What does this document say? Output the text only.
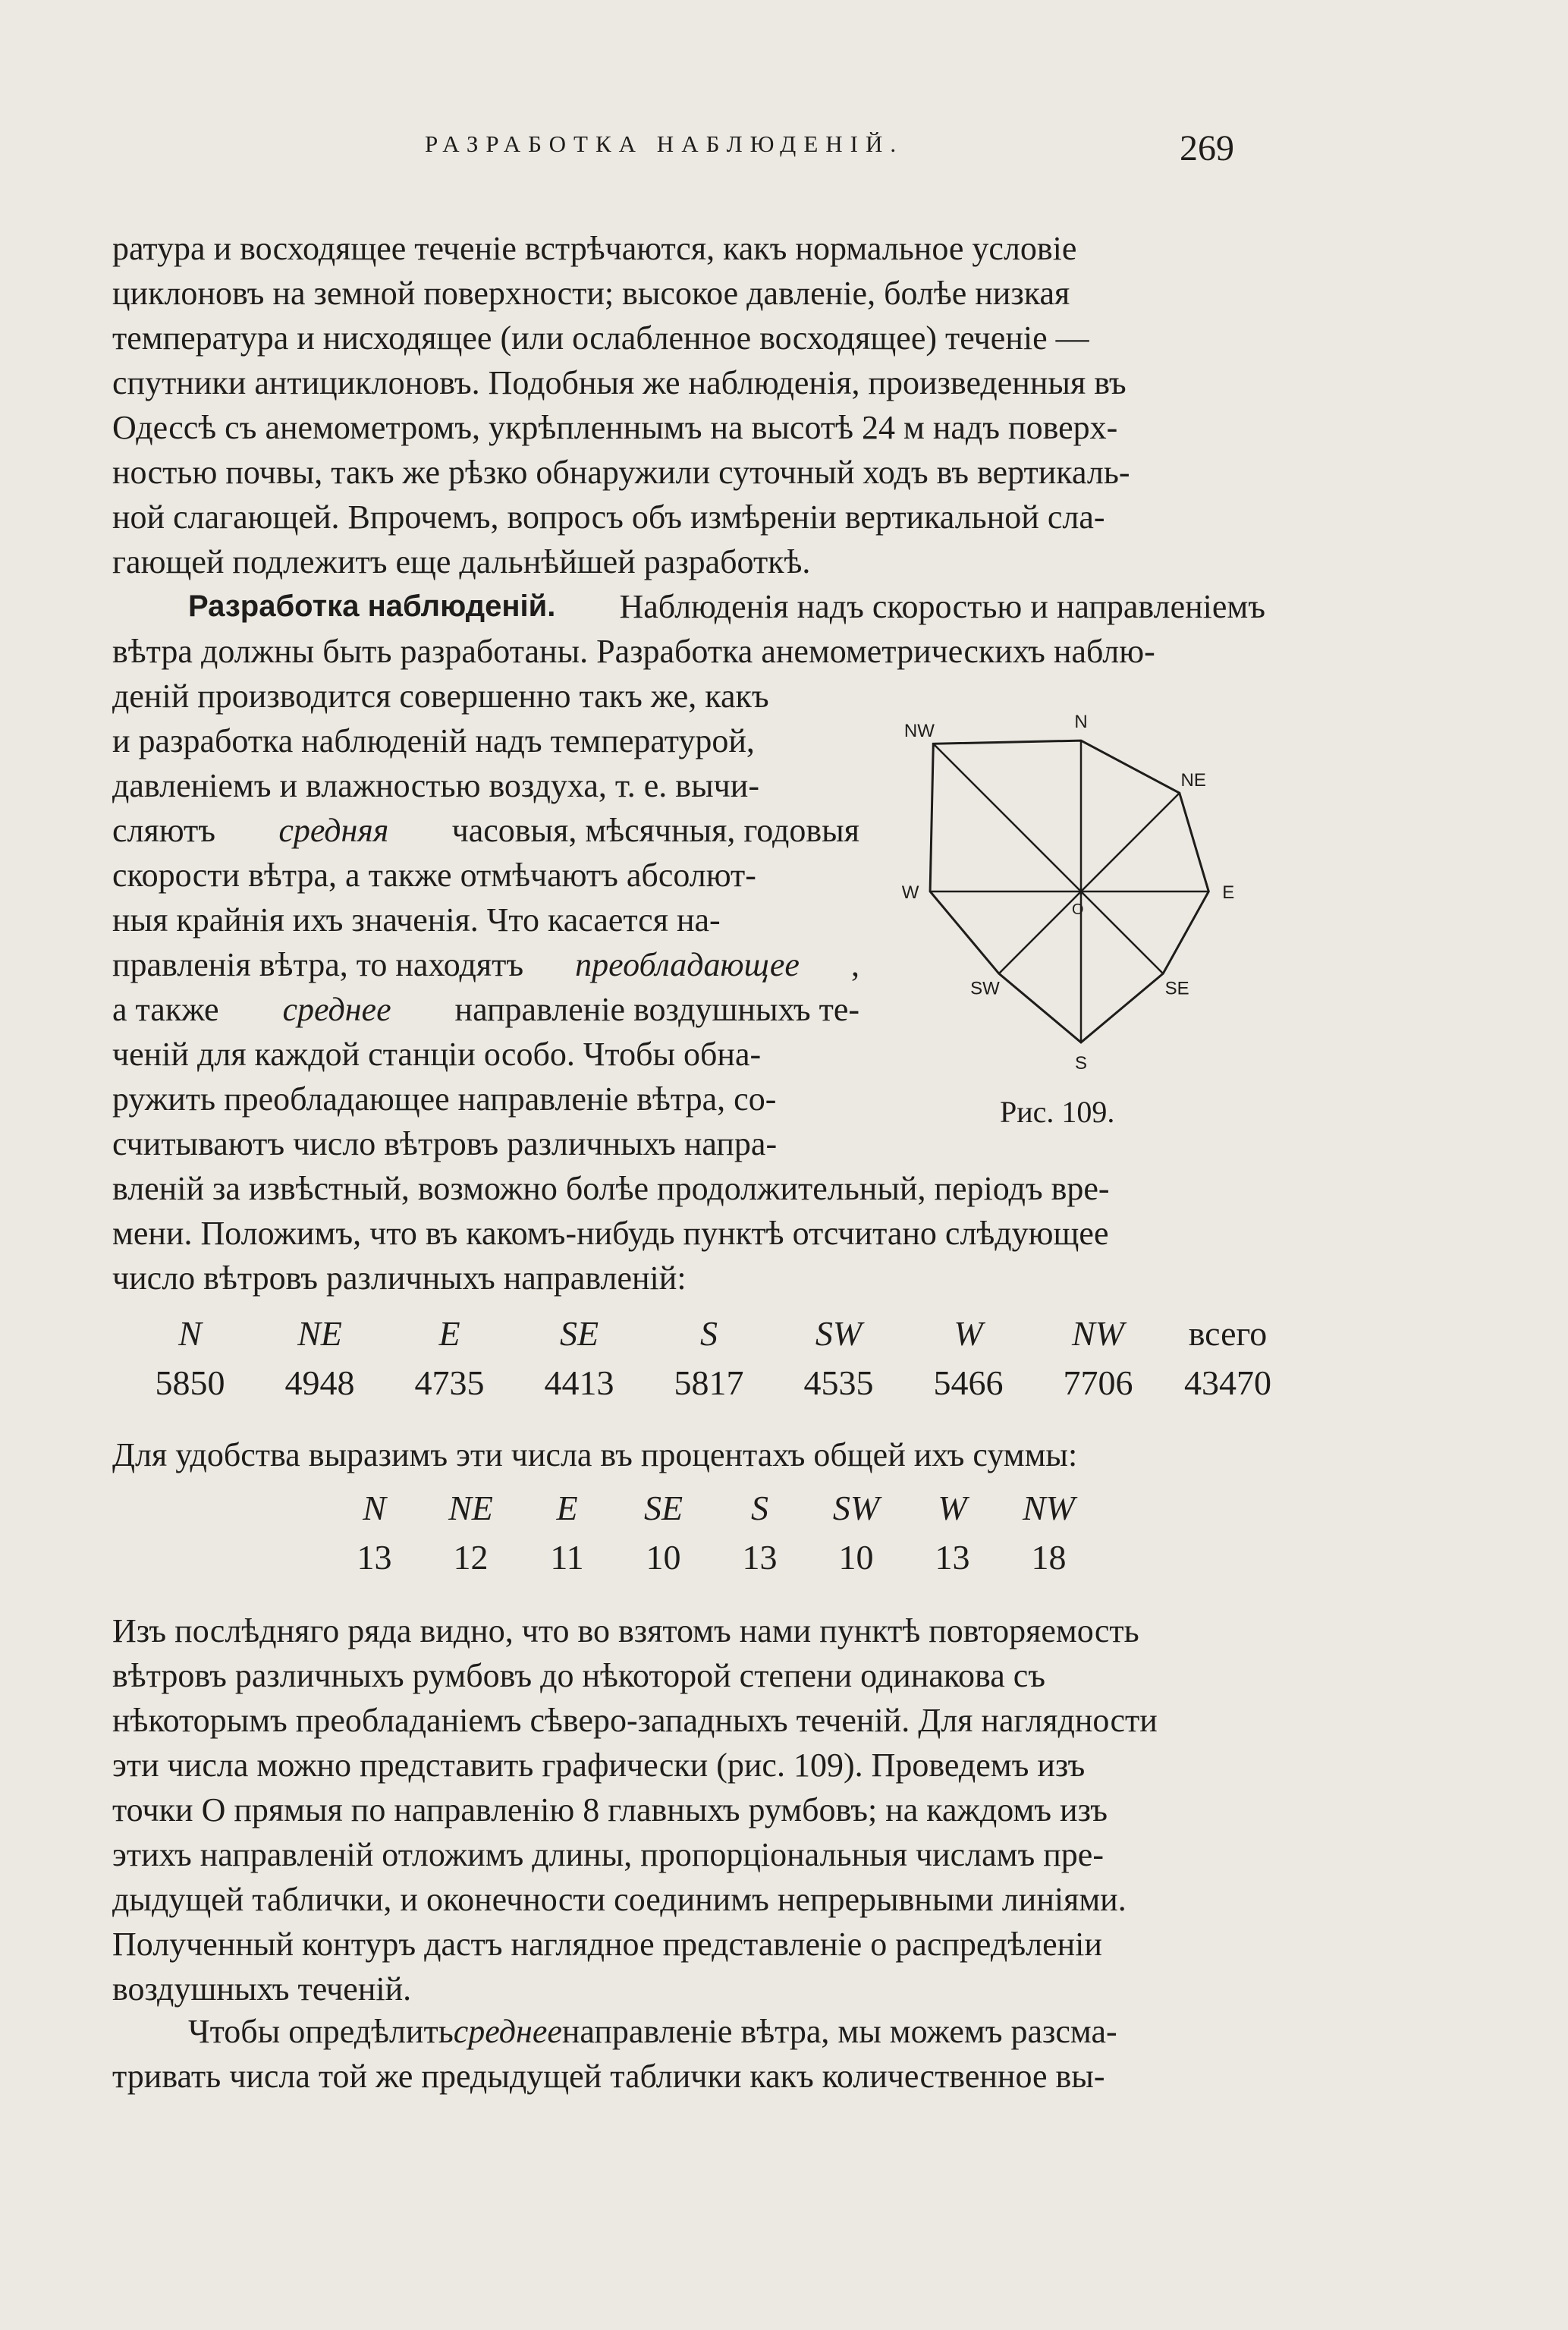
РАЗРАБОТКА НАБЛЮДЕНІЙ.	269
ратура и восходящее теченіе встрѣчаются, какъ нормальное условіе
циклоновъ на земной поверхности; высокое давленіе, болѣе низкая
температура и нисходящее (или ослабленное восходящее) теченіе —
спутники антициклоновъ. Подобныя же наблюденія, произведенныя въ
Одессѣ съ анемометромъ, укрѣпленнымъ на высотѣ 24 м надъ поверх-
ностью почвы, такъ же рѣзко обнаружили суточный ходъ въ вертикаль-
ной слагающей. Впрочемъ, вопросъ объ измѣреніи вертикальной сла-
гающей подлежитъ еще дальнѣйшей разработкѣ.
Разработка наблюденій. Наблюденія надъ скоростью и направленіемъ
вѣтра должны быть разработаны. Разработка анемометрическихъ наблю-
деній производится совершенно такъ же, какъ
и разработка наблюденій надъ температурой,
давленіемъ и влажностью воздуха, т. е. вычи-
сляютъ средняя часовыя, мѣсячныя, годовыя
скорости вѣтра, а также отмѣчаютъ абсолют-
ныя крайнія ихъ значенія. Что касается на-
правленія вѣтра, то находятъ преобладающее ,
а также среднее направленіе воздушныхъ те-
ченій для каждой станціи особо. Чтобы обна-
ружить преобладающее направленіе вѣтра, со-
считываютъ число вѣтровъ различныхъ напра-
вленій за извѣстный, возможно болѣе продолжительный, періодъ вре-
мени. Положимъ, что въ какомъ-нибудь пунктѣ отсчитано слѣдующее
число вѣтровъ различныхъ направленій:
N
NE
E
SE
S
SW
W
NW
O
Рис. 109.
N	NE	E	SE	S	SW	W	NW	всего
5850	4948	4735	4413	5817	4535	5466	7706	43470
Для удобства выразимъ эти числа въ процентахъ общей ихъ суммы:
N	NE	E	SE	S	SW	W	NW
13	12	11	10	13	10	13	18
Изъ послѣдняго ряда видно, что во взятомъ нами пунктѣ повторяемость
вѣтровъ различныхъ румбовъ до нѣкоторой степени одинакова съ
нѣкоторымъ преобладаніемъ сѣверо-западныхъ теченій. Для наглядности
эти числа можно представить графически (рис. 109). Проведемъ изъ
точки О прямыя по направленію 8 главныхъ румбовъ; на каждомъ изъ
этихъ направленій отложимъ длины, пропорціональныя числамъ пре-
дыдущей таблички, и оконечности соединимъ непрерывными линіями.
Полученный контуръ дастъ наглядное представленіе о распредѣленіи
воздушныхъ теченій.
Чтобы опредѣлитьсреднеенаправленіе вѣтра, мы можемъ разсма-
тривать числа той же предыдущей таблички какъ количественное вы-
